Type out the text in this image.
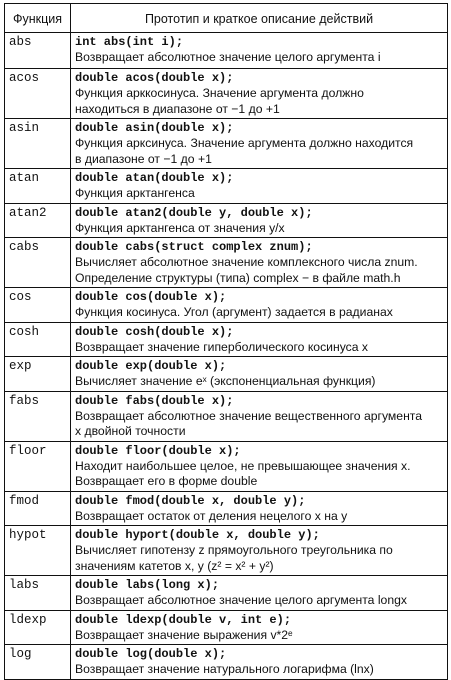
Функция	Прототип и краткое описание действий
abs	int abs(int i);
Возвращает абсолютное значение целого аргумента i

acos	double acos(double x);
Функция арккосинуса. Значение аргумента должно
находиться в диапазоне от −1 до +1

asin	double asin(double x);
Функция арксинуса. Значение аргумента должно находится
в диапазоне от −1 до +1

atan	double atan(double x);
Функция арктангенса

atan2	double atan2(double y, double x);
Функция арктангенса от значения y/x

cabs	double cabs(struct complex znum);
Вычисляет абсолютное значение комплексного числа znum.
Определение структуры (типа) complex − в файле math.h

cos	double cos(double x);
Функция косинуса. Угол (аргумент) задается в радианах

cosh	double cosh(double x);
Возвращает значение гиперболического косинуса x

exp	double exp(double x);
Вычисляет значение eˣ (экспоненциальная функция)

fabs	double fabs(double x);
Возвращает абсолютное значение вещественного аргумента
x двойной точности

floor	double floor(double x);
Находит наибольшее целое, не превышающее значения x.
Возвращает его в форме double

fmod	double fmod(double x, double y);
Возвращает остаток от деления нецелого x на y

hypot	double hyport(double x, double y);
Вычисляет гипотензу z прямоугольного треугольника по
значениям катетов x, y (z² = x² + y²)

labs	double labs(long x);
Возвращает абсолютное значение целого аргумента longx

ldexp	double ldexp(double v, int e);
Возвращает значение выражения v*2ᵉ

log	double log(double x);
Возвращает значение натурального логарифма (lnx)
